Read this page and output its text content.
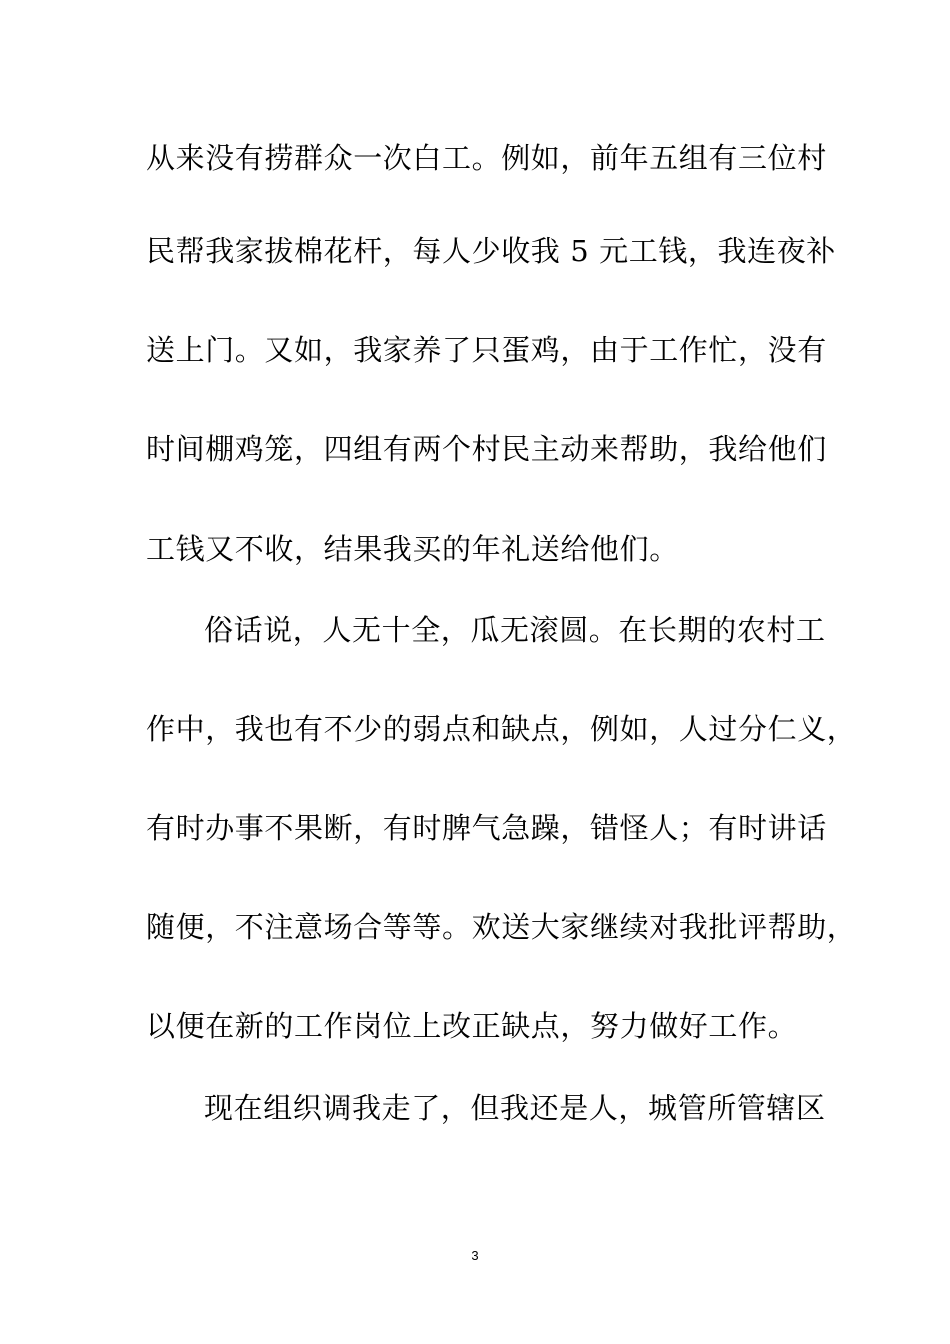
从来没有捞群众一次白工。例如，前年五组有三位村
民帮我家拔棉花杆，每人少收我 5 元工钱，我连夜补
送上门。又如，我家养了只蛋鸡，由于工作忙，没有
时间棚鸡笼，四组有两个村民主动来帮助，我给他们
工钱又不收，结果我买的年礼送给他们。
俗话说，人无十全，瓜无滚圆。在长期的农村工
作中，我也有不少的弱点和缺点，例如，人过分仁义，
有时办事不果断，有时脾气急躁，错怪人；有时讲话
随便，不注意场合等等。欢送大家继续对我批评帮助，
以便在新的工作岗位上改正缺点，努力做好工作。
现在组织调我走了，但我还是人，城管所管辖区
3
